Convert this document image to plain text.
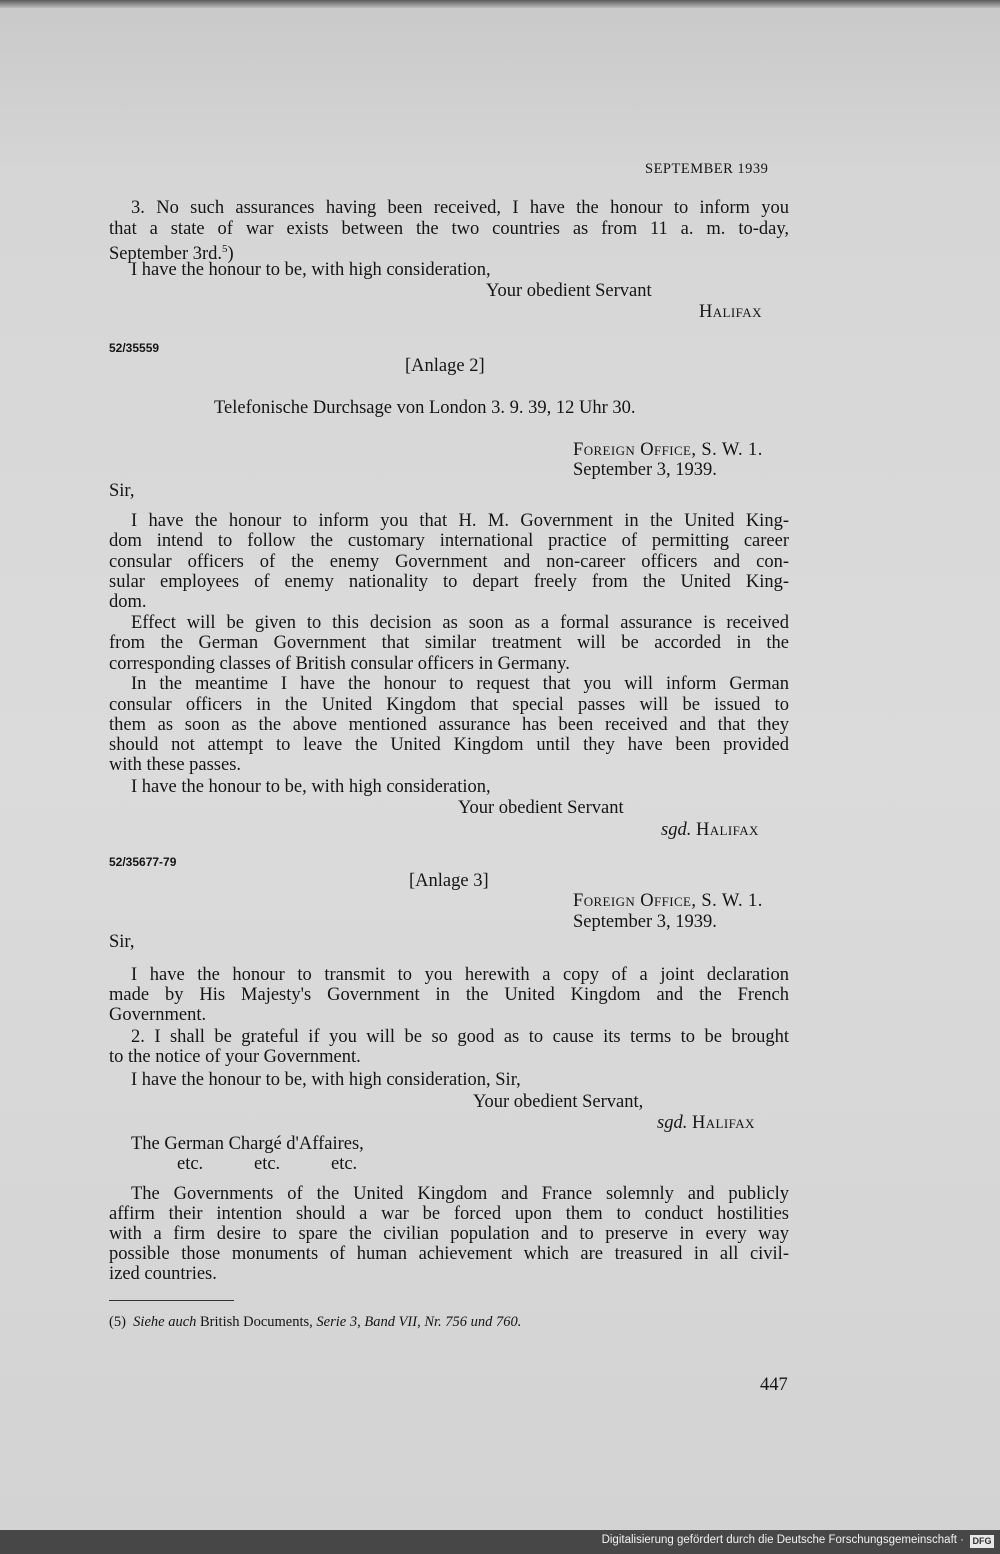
SEPTEMBER 1939
3. No such assurances having been received, I have the honour to inform you
that a state of war exists between the two countries as from 11 a. m. to-day,
September 3rd.$^5$)
I have the honour to be, with high consideration,
Your obedient Servant
Halifax
52/35559
[Anlage 2]
Telefonische Durchsage von London 3. 9. 39, 12 Uhr 30.
Foreign Office, S. W. 1.
September 3, 1939.
Sir,
I have the honour to inform you that H. M. Government in the United King-
dom intend to follow the customary international practice of permitting career
consular officers of the enemy Government and non-career officers and con-
sular employees of enemy nationality to depart freely from the United King-
dom.
Effect will be given to this decision as soon as a formal assurance is received
from the German Government that similar treatment will be accorded in the
corresponding classes of British consular officers in Germany.
In the meantime I have the honour to request that you will inform German
consular officers in the United Kingdom that special passes will be issued to
them as soon as the above mentioned assurance has been received and that they
should not attempt to leave the United Kingdom until they have been provided
with these passes.
I have the honour to be, with high consideration,
Your obedient Servant
sgd. Halifax
52/35677-79
[Anlage 3]
Foreign Office, S. W. 1.
September 3, 1939.
Sir,
I have the honour to transmit to you herewith a copy of a joint declaration
made by His Majesty's Government in the United Kingdom and the French
Government.
2. I shall be grateful if you will be so good as to cause its terms to be brought
to the notice of your Government.
I have the honour to be, with high consideration, Sir,
Your obedient Servant,
sgd. Halifax
The German Chargé d'Affaires,
etc.	etc.	etc.
The Governments of the United Kingdom and France solemnly and publicly
affirm their intention should a war be forced upon them to conduct hostilities
with a firm desire to spare the civilian population and to preserve in every way
possible those monuments of human achievement which are treasured in all civil-
ized countries.
(5) Siehe auch British Documents, Serie 3, Band VII, Nr. 756 und 760.
447
Digitalisierung gefördert durch die Deutsche Forschungsgemeinschaft · DFG
